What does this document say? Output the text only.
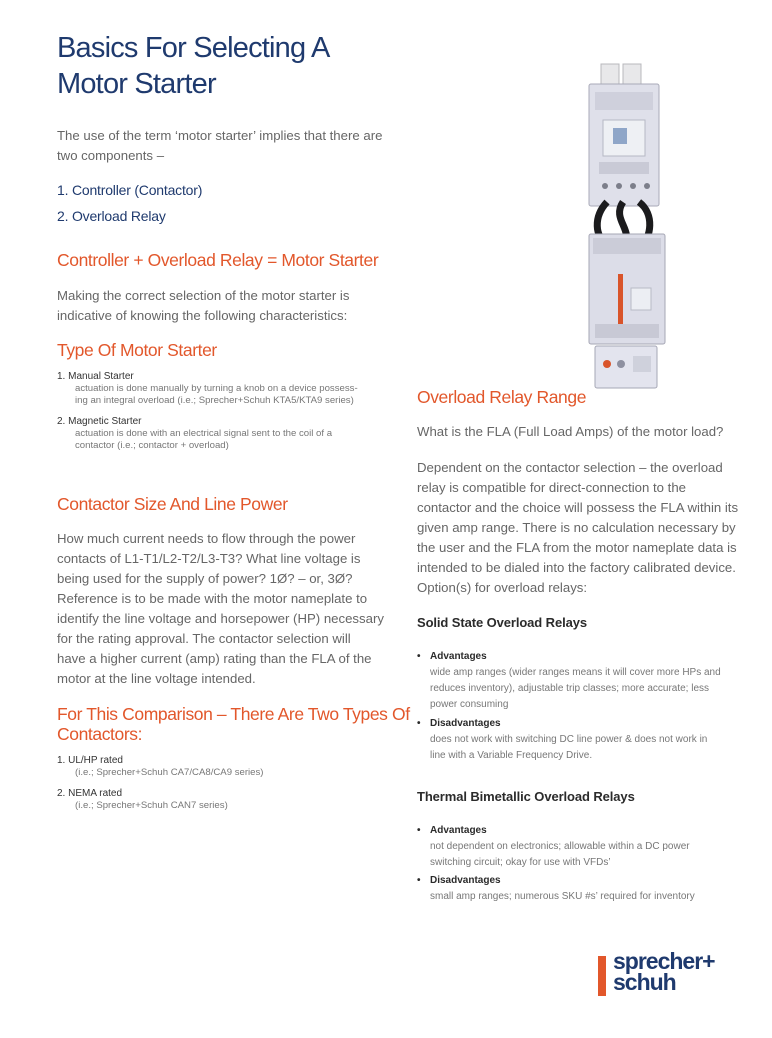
Basics For Selecting A
Motor Starter

The use of the term ‘motor starter’ implies that there are
two components –

1. Controller (Contactor)
2. Overload Relay
Controller + Overload Relay = Motor Starter

Making the correct selection of the motor starter is
indicative of knowing the following characteristics:

Type Of Motor Starter
1. Manual Starter
actuation is done manually by turning a knob on a device possess-
ing an integral overload (i.e.; Sprecher+Schuh KTA5/KTA9 series)
2. Magnetic Starter
actuation is done with an electrical signal sent to the coil of a
contactor (i.e.; contactor + overload)
Contactor Size And Line Power

How much current needs to flow through the power
contacts of L1-T1/L2-T2/L3-T3? What line voltage is
being used for the supply of power? 1Ø? – or, 3Ø?
Reference is to be made with the motor nameplate to
identify the line voltage and horsepower (HP) necessary
for the rating approval. The contactor selection will
have a higher current (amp) rating than the FLA of the
motor at the line voltage intended.

For This Comparison – There Are Two Types Of
Contactors:
1. UL/HP rated
(i.e.; Sprecher+Schuh CA7/CA8/CA9 series)
2. NEMA rated
(i.e.; Sprecher+Schuh CAN7 series)
Overload Relay Range

What is the FLA (Full Load Amps) of the motor load?

Dependent on the contactor selection – the overload
relay is compatible for direct-connection to the
contactor and the choice will possess the FLA within its
given amp range. There is no calculation necessary by
the user and the FLA from the motor nameplate data is
intended to be dialed into the factory calibrated device.
Option(s) for overload relays:

Solid State Overload Relays
• Advantages
wide amp ranges (wider ranges means it will cover more HPs and
reduces inventory), adjustable trip classes; more accurate; less
power consuming
• Disadvantages
does not work with switching DC line power & does not work in
line with a Variable Frequency Drive.
Thermal Bimetallic Overload Relays
• Advantages
not dependent on electronics; allowable within a DC power
switching circuit; okay for use with VFDs’
• Disadvantages
small amp ranges; numerous SKU #s’ required for inventory
sprecher+
schuh
